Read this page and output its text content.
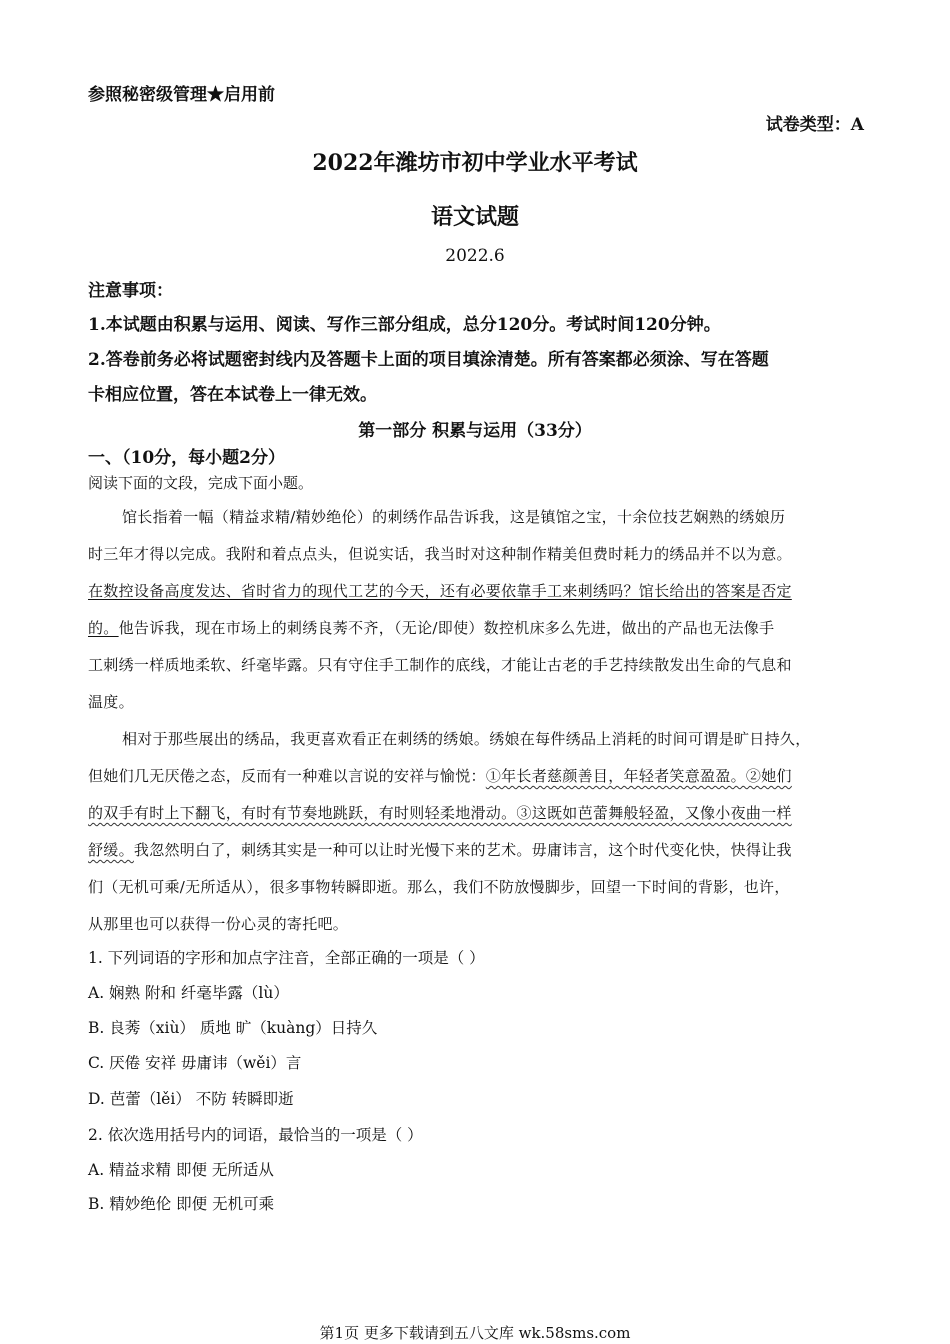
参照秘密级管理★启用前
试卷类型：A
2022年潍坊市初中学业水平考试
语文试题
2022.6
注意事项：
1.本试题由积累与运用、阅读、写作三部分组成，总分120分。考试时间120分钟。
2.答卷前务必将试题密封线内及答题卡上面的项目填涂清楚。所有答案都必须涂、写在答题
卡相应位置，答在本试卷上一律无效。
第一部分 积累与运用（33分）
一、（10分，每小题2分）
阅读下面的文段，完成下面小题。
馆长指着一幅（精益求精/精妙绝伦）的刺绣作品告诉我，这是镇馆之宝，十余位技艺娴熟的绣娘历
时三年才得以完成。我附和着点点头，但说实话，我当时对这种制作精美但费时耗力的绣品并不以为意。
在数控设备高度发达、省时省力的现代工艺的今天，还有必要依靠手工来刺绣吗？馆长给出的答案是否定
的。他告诉我，现在市场上的刺绣良莠不齐，（无论/即使）数控机床多么先进，做出的产品也无法像手
工刺绣一样质地柔软、纤毫毕露。只有守住手工制作的底线，才能让古老的手艺持续散发出生命的气息和
温度。
相对于那些展出的绣品，我更喜欢看正在刺绣的绣娘。绣娘在每件绣品上消耗的时间可谓是旷日持久，
但她们几无厌倦之态，反而有一种难以言说的安祥与愉悦：①年长者慈颜善目，年轻者笑意盈盈。②她们
的双手有时上下翻飞，有时有节奏地跳跃，有时则轻柔地滑动。③这既如芭蕾舞般轻盈，又像小夜曲一样
舒缓。我忽然明白了，刺绣其实是一种可以让时光慢下来的艺术。毋庸讳言，这个时代变化快，快得让我
们（无机可乘/无所适从），很多事物转瞬即逝。那么，我们不防放慢脚步，回望一下时间的背影，也许，
从那里也可以获得一份心灵的寄托吧。
1. 下列词语的字形和加点字注音，全部正确的一项是（ ）
A. 娴熟 附和 纤毫毕露（lù）
B. 良莠（xiù） 质地 旷（kuàng）日持久
C. 厌倦 安祥 毋庸讳（wěi）言
D. 芭蕾（lěi） 不防 转瞬即逝
2. 依次选用括号内的词语，最恰当的一项是（ ）
A. 精益求精 即便 无所适从
B. 精妙绝伦 即便 无机可乘
第1页 更多下载请到五八文库 wk.58sms.com
